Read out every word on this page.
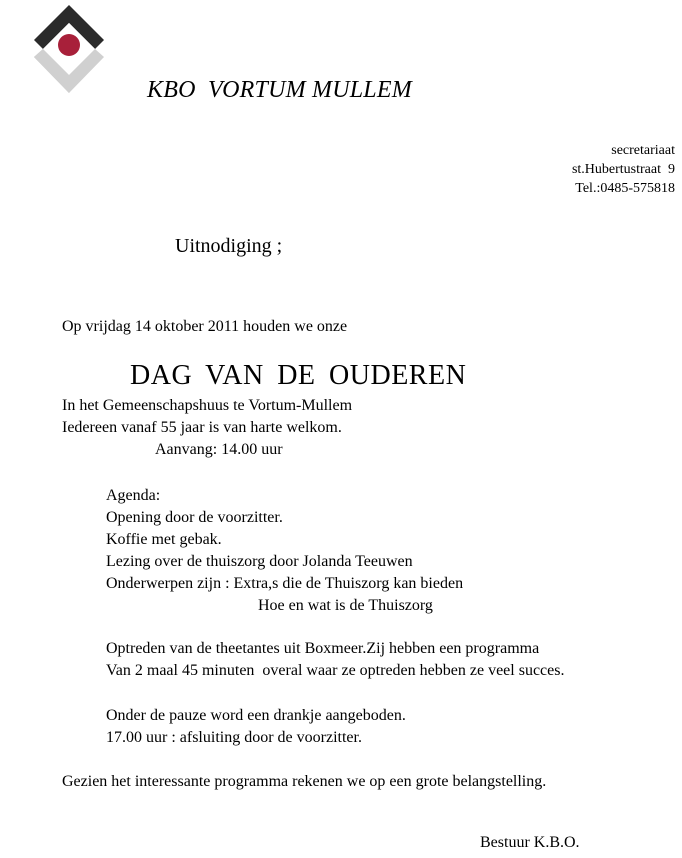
KBO  VORTUM MULLEM
secretariaat
st.Hubertustraat  9
Tel.:0485-575818
Uitnodiging ;
Op vrijdag 14 oktober 2011 houden we onze
DAG VAN DE OUDEREN
In het Gemeenschapshuus te Vortum-Mullem
Iedereen vanaf 55 jaar is van harte welkom.
Aanvang: 14.00 uur
Agenda:
Opening door de voorzitter.
Koffie met gebak.
Lezing over de thuiszorg door Jolanda Teeuwen
Onderwerpen zijn : Extra,s die de Thuiszorg kan bieden
Hoe en wat is de Thuiszorg
Optreden van de theetantes uit Boxmeer.Zij hebben een programma
Van 2 maal 45 minuten  overal waar ze optreden hebben ze veel succes.
Onder de pauze word een drankje aangeboden.
17.00 uur : afsluiting door de voorzitter.
Gezien het interessante programma rekenen we op een grote belangstelling.
Bestuur K.B.O.
